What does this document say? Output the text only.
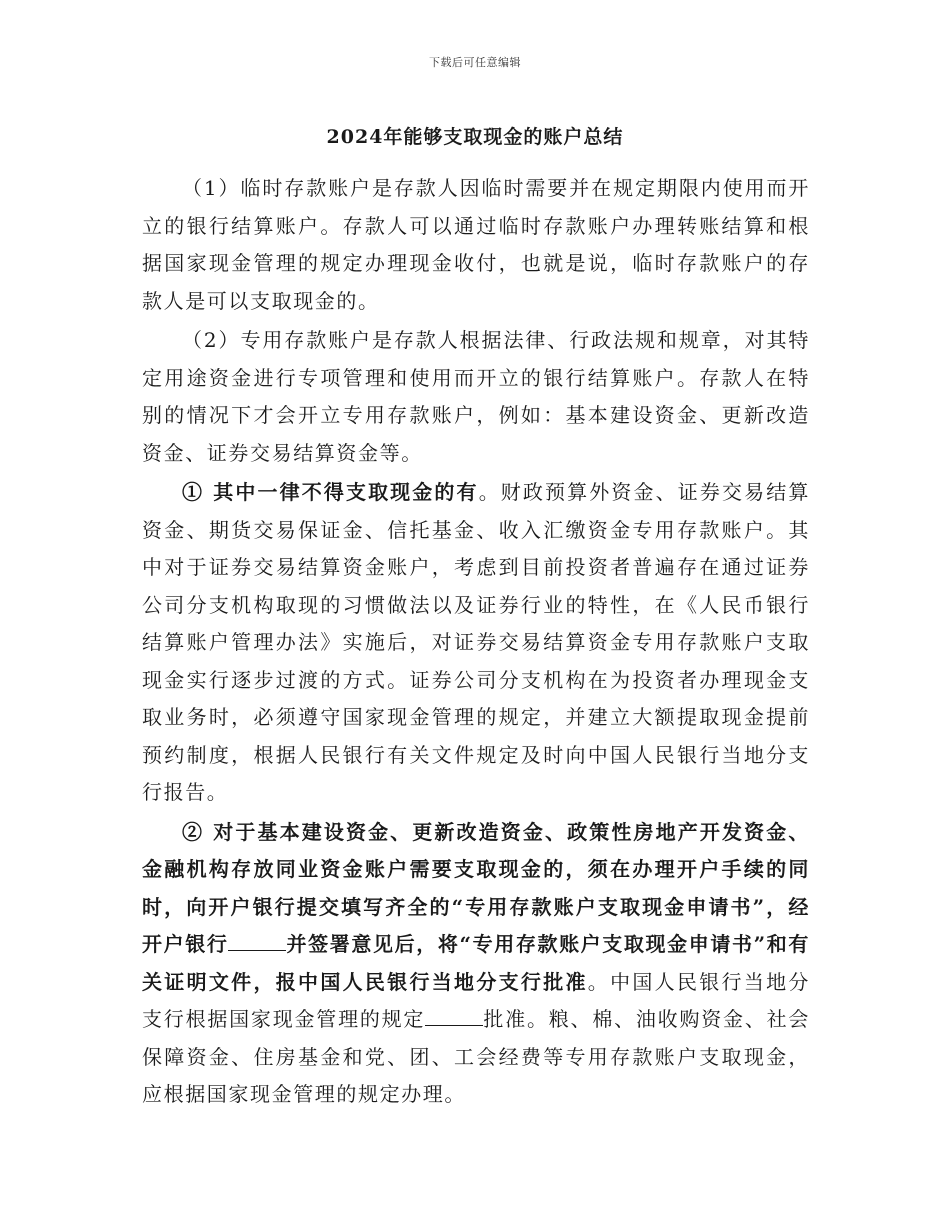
下载后可任意编辑
2024年能够支取现金的账户总结

（1）临时存款账户是存款人因临时需要并在规定期限内使用而开立的银行结算账户。存款人可以通过临时存款账户办理转账结算和根据国家现金管理的规定办理现金收付，也就是说，临时存款账户的存款人是可以支取现金的。

（2）专用存款账户是存款人根据法律、行政法规和规章，对其特定用途资金进行专项管理和使用而开立的银行结算账户。存款人在特别的情况下才会开立专用存款账户，例如：基本建设资金、更新改造资金、证券交易结算资金等。

① 其中一律不得支取现金的有。财政预算外资金、证券交易结算资金、期货交易保证金、信托基金、收入汇缴资金专用存款账户。其中对于证券交易结算资金账户，考虑到目前投资者普遍存在通过证券公司分支机构取现的习惯做法以及证券行业的特性，在《人民币银行结算账户管理办法》实施后，对证券交易结算资金专用存款账户支取现金实行逐步过渡的方式。证券公司分支机构在为投资者办理现金支取业务时，必须遵守国家现金管理的规定，并建立大额提取现金提前预约制度，根据人民银行有关文件规定及时向中国人民银行当地分支行报告。

② 对于基本建设资金、更新改造资金、政策性房地产开发资金、金融机构存放同业资金账户需要支取现金的，须在办理开户手续的同时，向开户银行提交填写齐全的“专用存款账户支取现金申请书”，经开户银行	并签署意见后，将“专用存款账户支取现金申请书”和有关证明文件，报中国人民银行当地分支行批准。中国人民银行当地分支行根据国家现金管理的规定	批准。粮、棉、油收购资金、社会保障资金、住房基金和党、团、工会经费等专用存款账户支取现金，应根据国家现金管理的规定办理。
